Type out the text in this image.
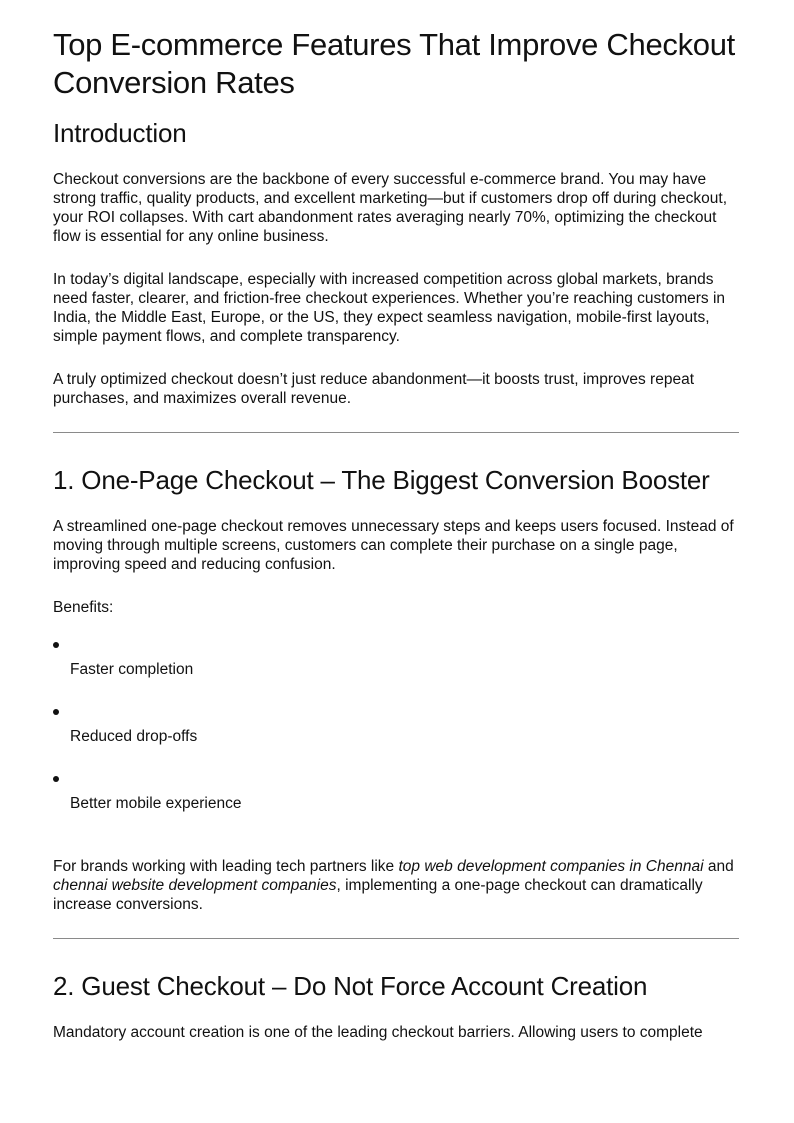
Top E-commerce Features That Improve Checkout Conversion Rates
Introduction

Checkout conversions are the backbone of every successful e-commerce brand. You may have strong traffic, quality products, and excellent marketing—but if customers drop off during checkout, your ROI collapses. With cart abandonment rates averaging nearly 70%, optimizing the checkout flow is essential for any online business.

In today’s digital landscape, especially with increased competition across global markets, brands need faster, clearer, and friction-free checkout experiences. Whether you’re reaching customers in India, the Middle East, Europe, or the US, they expect seamless navigation, mobile-first layouts, simple payment flows, and complete transparency.

A truly optimized checkout doesn’t just reduce abandonment—it boosts trust, improves repeat purchases, and maximizes overall revenue.

1. One-Page Checkout – The Biggest Conversion Booster

A streamlined one-page checkout removes unnecessary steps and keeps users focused. Instead of moving through multiple screens, customers can complete their purchase on a single page, improving speed and reducing confusion.

Benefits:

Faster completion
Reduced drop-offs
Better mobile experience

For brands working with leading tech partners like top web development companies in Chennai and chennai website development companies, implementing a one-page checkout can dramatically increase conversions.

2. Guest Checkout – Do Not Force Account Creation

Mandatory account creation is one of the leading checkout barriers. Allowing users to complete
